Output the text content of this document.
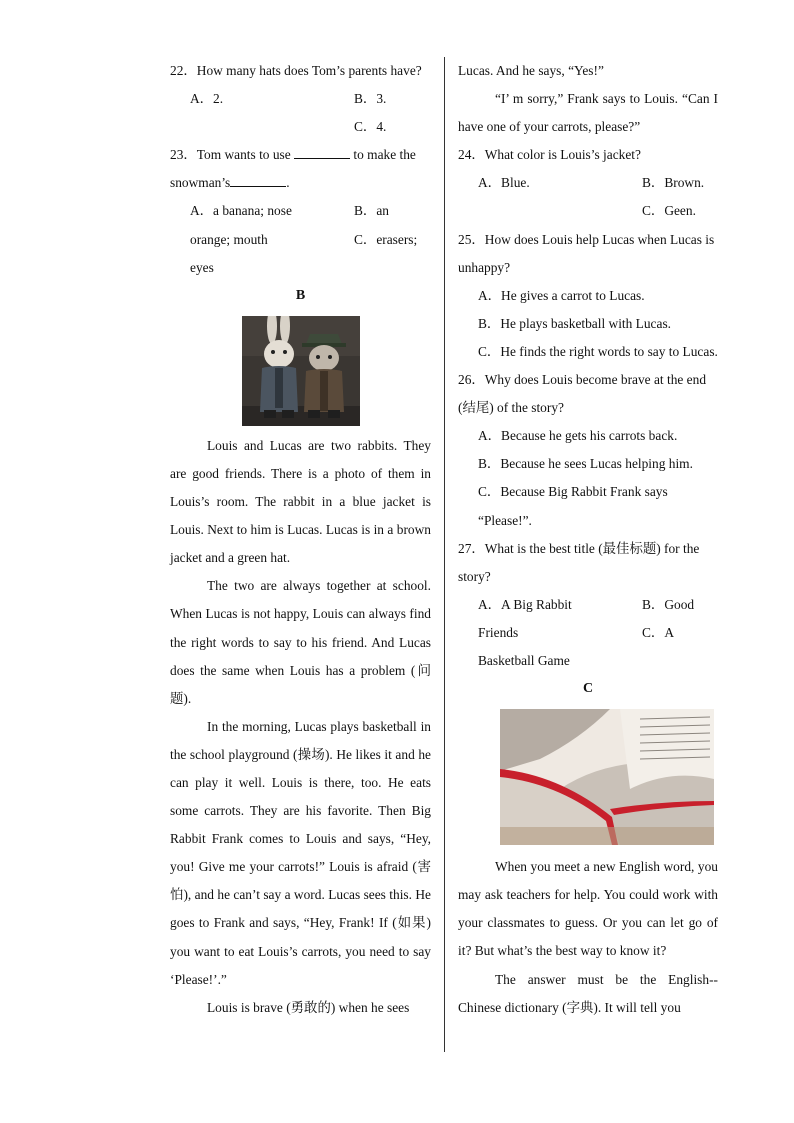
22．How many hats does Tom’s parents have?

A．2.	B．3.
C．4.

23．Tom wants to use	to make the snowman’s	.

A．a banana; nose	B．an
orange; mouth	C．erasers;
eyes

B

Louis and Lucas are two rabbits. They are good friends. There is a photo of them in Louis’s room. The rabbit in a blue jacket is Louis. Next to him is Lucas. Lucas is in a brown jacket and a green hat.

The two are always together at school. When Lucas is not happy, Louis can always find the right words to say to his friend. And Lucas does the same when Louis has a problem (问题).

In the morning, Lucas plays basketball in the school playground (操场). He likes it and he can play it well. Louis is there, too. He eats some carrots. They are his favorite. Then Big Rabbit Frank comes to Louis and says, “Hey, you! Give me your carrots!” Louis is afraid (害怕), and he can’t say a word. Lucas sees this. He goes to Frank and says, “Hey, Frank! If (如果) you want to eat Louis’s carrots, you need to say ‘Please!’.”

Louis is brave (勇敢的) when he sees

Lucas. And he says, “Yes!”

“I’ m sorry,” Frank says to Louis. “Can I have one of your carrots, please?”

24．What color is Louis’s jacket?

A．Blue.	B．Brown.
C．Geen.

25．How does Louis help Lucas when Lucas is unhappy?

A．He gives a carrot to Lucas.

B．He plays basketball with Lucas.

C．He finds the right words to say to Lucas.

26．Why does Louis become brave at the end (结尾) of the story?

A．Because he gets his carrots back.

B．Because he sees Lucas helping him.

C．Because Big Rabbit Frank says “Please!”.

27．What is the best title (最佳标题) for the story?

A．A Big Rabbit	B．Good
Friends	C．A
Basketball Game

C

When you meet a new English word, you may ask teachers for help. You could work with your classmates to guess. Or you can let go of it? But what’s the best way to know it?

The answer must be the English--Chinese dictionary (字典). It will tell you
